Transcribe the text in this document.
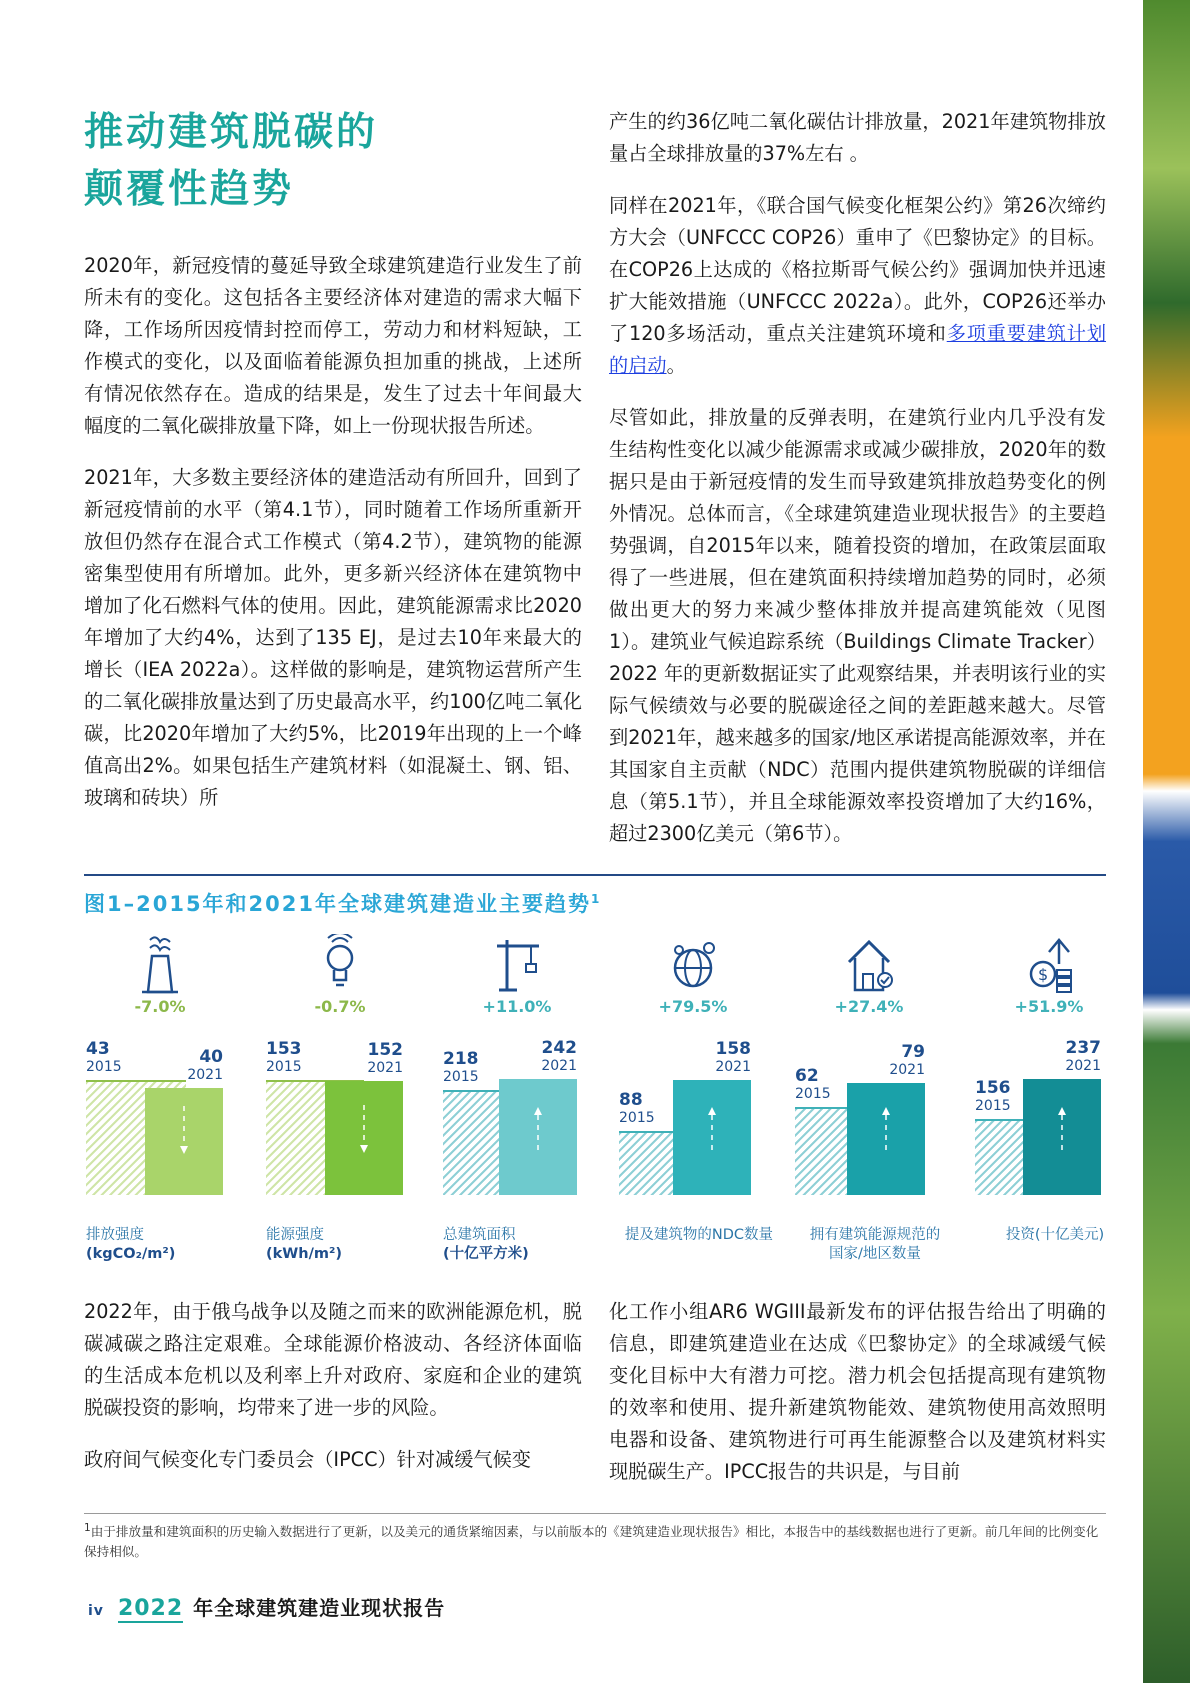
推动建筑脱碳的
颠覆性趋势

2020年，新冠疫情的蔓延导致全球建筑建造行业发生了前所未有的变化。这包括各主要经济体对建造的需求大幅下降，工作场所因疫情封控而停工，劳动力和材料短缺，工作模式的变化，以及面临着能源负担加重的挑战，上述所有情况依然存在。造成的结果是，发生了过去十年间最大幅度的二氧化碳排放量下降，如上一份现状报告所述。

2021年，大多数主要经济体的建造活动有所回升，回到了新冠疫情前的水平（第4.1节），同时随着工作场所重新开放但仍然存在混合式工作模式（第4.2节），建筑物的能源密集型使用有所增加。此外，更多新兴经济体在建筑物中增加了化石燃料气体的使用。因此，建筑能源需求比2020年增加了大约4%，达到了135 EJ，是过去10年来最大的增长（IEA 2022a）。这样做的影响是，建筑物运营所产生的二氧化碳排放量达到了历史最高水平，约100亿吨二氧化碳，比2020年增加了大约5%，比2019年出现的上一个峰值高出2%。如果包括生产建筑材料（如混凝土、钢、铝、玻璃和砖块）所

产生的约36亿吨二氧化碳估计排放量，2021年建筑物排放量占全球排放量的37%左右 。

同样在2021年，《联合国气候变化框架公约》第26次缔约方大会（UNFCCC COP26）重申了《巴黎协定》的目标。在COP26上达成的《格拉斯哥气候公约》强调加快并迅速扩大能效措施（UNFCCC 2022a）。此外，COP26还举办了120多场活动，重点关注建筑环境和多项重要建筑计划的启动。

尽管如此，排放量的反弹表明，在建筑行业内几乎没有发生结构性变化以减少能源需求或减少碳排放，2020年的数据只是由于新冠疫情的发生而导致建筑排放趋势变化的例外情况。总体而言，《全球建筑建造业现状报告》的主要趋势强调，自2015年以来，随着投资的增加，在政策层面取得了一些进展，但在建筑面积持续增加趋势的同时，必须做出更大的努力来减少整体排放并提高建筑能效（见图1）。建筑业气候追踪系统（Buildings Climate Tracker）2022 年的更新数据证实了此观察结果，并表明该行业的实际气候绩效与必要的脱碳途径之间的差距越来越大。尽管到2021年，越来越多的国家/地区承诺提高能源效率，并在其国家自主贡献（NDC）范围内提供建筑物脱碳的详细信息（第5.1节），并且全球能源效率投资增加了大约16%，超过2300亿美元（第6节）。

图1–2015年和2021年全球建筑建造业主要趋势$^1$
-7.0%
43
2015	40
2021
排放强度
(kgCO₂/m²)
-0.7%
153
2015
152
2021
能源强度
(kWh/m²)
+11.0%
218
2015
242
2021
总建筑面积
(十亿平方米)
+79.5%
88
2015
158
2021
提及建筑物的NDC数量
+27.4%
62
2015
79
2021
拥有建筑能源规范的
国家/地区数量
$
+51.9%
156
2015
237
2021
投资(十亿美元)

2022年，由于俄乌战争以及随之而来的欧洲能源危机，脱碳减碳之路注定艰难。全球能源价格波动、各经济体面临的生活成本危机以及利率上升对政府、家庭和企业的建筑脱碳投资的影响，均带来了进一步的风险。

政府间气候变化专门委员会（IPCC）针对减缓气候变

化工作小组AR6 WGIII最新发布的评估报告给出了明确的信息，即建筑建造业在达成《巴黎协定》的全球减缓气候变化目标中大有潜力可挖。潜力机会包括提高现有建筑物的效率和使用、提升新建筑物能效、建筑物使用高效照明电器和设备、建筑物进行可再生能源整合以及建筑材料实现脱碳生产。IPCC报告的共识是，与目前

$^1$由于排放量和建筑面积的历史输入数据进行了更新，以及美元的通货紧缩因素，与以前版本的《建筑建造业现状报告》相比，本报告中的基线数据也进行了更新。前几年间的比例变化保持相似。
iv 2022 年全球建筑建造业现状报告
